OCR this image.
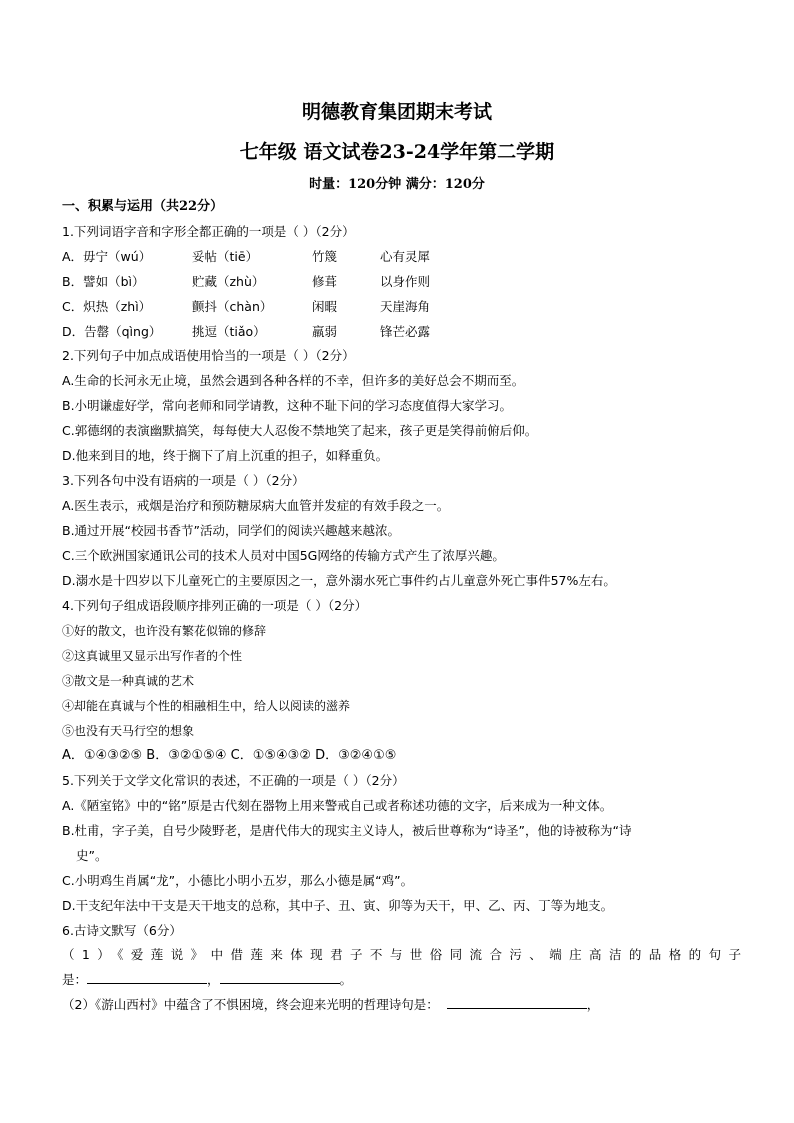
明德教育集团期末考试
七年级 语文试卷23-24学年第二学期
时量：120分钟 满分：120分
一、积累与运用（共22分）
1.下列词语字音和字形全都正确的一项是（ ）（2分）
A．毋宁（wú）	妥帖（tiē）	竹篾	心有灵犀
B．譬如（bì）	贮藏（zhù）	修葺	以身作则
C．炽热（zhì）	颤抖（chàn）	闲暇	天崖海角
D．告罄（qìng） 挑逗（tiǎo）	羸弱	锋芒必露
2.下列句子中加点成语使用恰当的一项是（ ）（2分）
A.生命的长河永无止境，虽然会遇到各种各样的不幸，但许多的美好总会不期而至。
B.小明谦虚好学，常向老师和同学请教，这种不耻下问的学习态度值得大家学习。
C.郭德纲的表演幽默搞笑，每每使大人忍俊不禁地笑了起来，孩子更是笑得前俯后仰。
D.他来到目的地，终于搁下了肩上沉重的担子，如释重负。
3.下列各句中没有语病的一项是（ ）（2分）
A.医生表示，戒烟是治疗和预防糖尿病大血管并发症的有效手段之一。
B.通过开展“校园书香节”活动，同学们的阅读兴趣越来越浓。
C.三个欧洲国家通讯公司的技术人员对中国5G网络的传输方式产生了浓厚兴趣。
D.溺水是十四岁以下儿童死亡的主要原因之一，意外溺水死亡事件约占儿童意外死亡事件57%左右。
4.下列句子组成语段顺序排列正确的一项是（ ）（2分）
①好的散文，也许没有繁花似锦的修辞
②这真诚里又显示出写作者的个性
③散文是一种真诚的艺术
④却能在真诚与个性的相融相生中，给人以阅读的滋养
⑤也没有天马行空的想象
A．①④③②⑤ B．③②①⑤④ C．①⑤④③② D．③②④①⑤
5.下列关于文学文化常识的表述，不正确的一项是（ ）（2分）
A.《陋室铭》中的“铭”原是古代刻在器物上用来警戒自己或者称述功德的文字，后来成为一种文体。
B.杜甫，字子美，自号少陵野老，是唐代伟大的现实主义诗人，被后世尊称为“诗圣”，他的诗被称为“诗
史”。
C.小明鸡生肖属“龙”，小德比小明小五岁，那么小德是属“鸡”。
D.干支纪年法中干支是天干地支的总称，其中子、丑、寅、卯等为天干，甲、乙、丙、丁等为地支。
6.古诗文默写（6分）
（1）《爱莲说》中借莲来体现君子不与世俗同流合污、端庄高洁的品格的句子
是：	，	。
（2）《游山西村》中蕴含了不惧困境，终会迎来光明的哲理诗句是：	，
